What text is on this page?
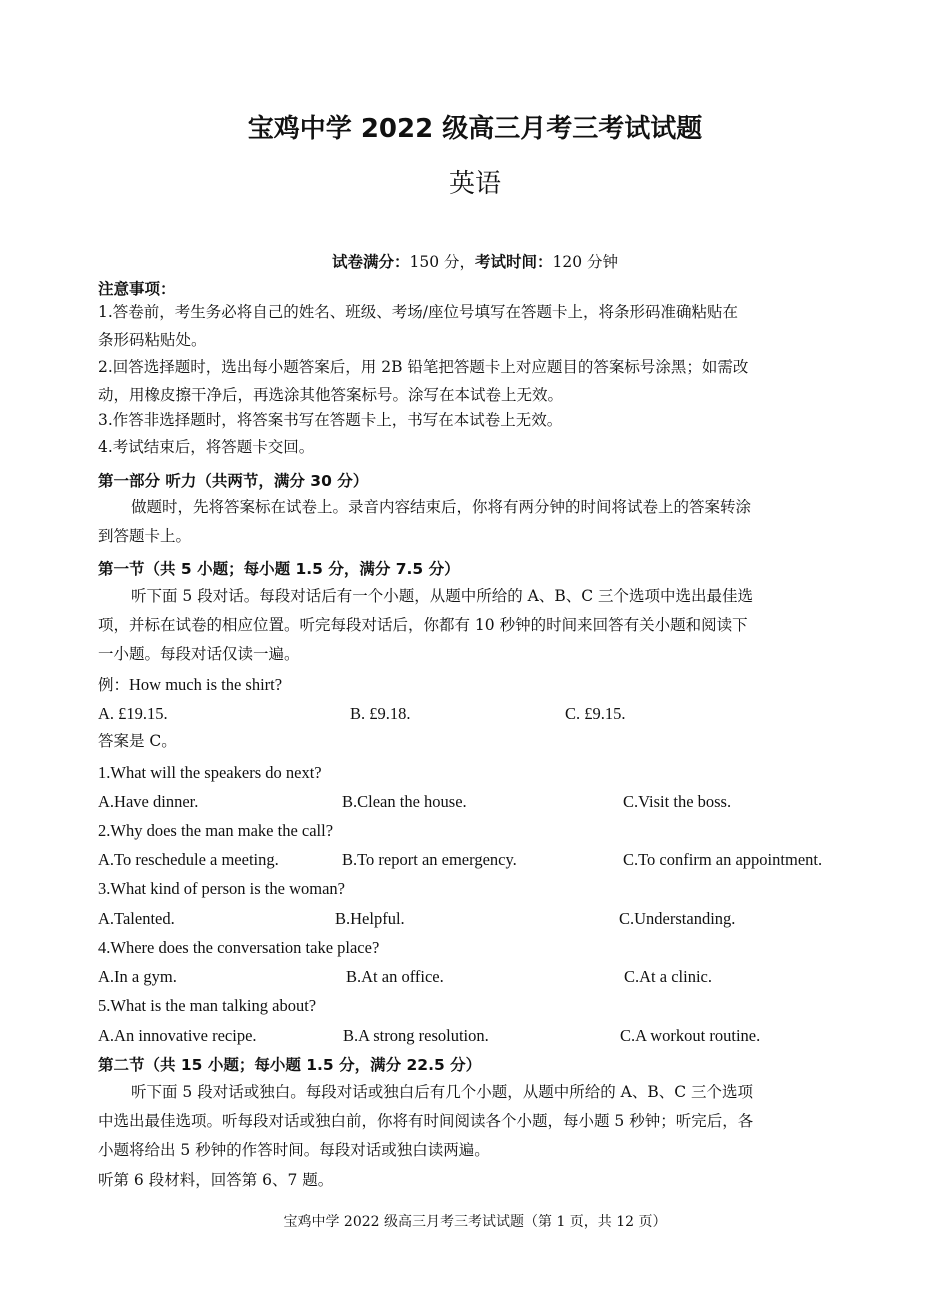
宝鸡中学 2022 级高三月考三考试试题
英语
试卷满分：150 分，考试时间：120 分钟
注意事项：
1.答卷前，考生务必将自己的姓名、班级、考场/座位号填写在答题卡上，将条形码准确粘贴在
条形码粘贴处。
2.回答选择题时，选出每小题答案后，用 2B 铅笔把答题卡上对应题目的答案标号涂黑；如需改
动，用橡皮擦干净后，再选涂其他答案标号。涂写在本试卷上无效。
3.作答非选择题时，将答案书写在答题卡上，书写在本试卷上无效。
4.考试结束后，将答题卡交回。
第一部分 听力（共两节，满分 30 分）
做题时，先将答案标在试卷上。录音内容结束后，你将有两分钟的时间将试卷上的答案转涂
到答题卡上。
第一节（共 5 小题；每小题 1.5 分，满分 7.5 分）
听下面 5 段对话。每段对话后有一个小题，从题中所给的 A、B、C 三个选项中选出最佳选
项，并标在试卷的相应位置。听完每段对话后，你都有 10 秒钟的时间来回答有关小题和阅读下
一小题。每段对话仅读一遍。
例：How much is the shirt?
A. £19.15.	B. £9.18.	C. £9.15.
答案是 C。
1.What will the speakers do next?
A.Have dinner.	B.Clean the house.	C.Visit the boss.
2.Why does the man make the call?
A.To reschedule a meeting.	B.To report an emergency.	C.To confirm an appointment.
3.What kind of person is the woman?
A.Talented.	B.Helpful.	C.Understanding.
4.Where does the conversation take place?
A.In a gym.	B.At an office.	C.At a clinic.
5.What is the man talking about?
A.An innovative recipe.	B.A strong resolution.	C.A workout routine.
第二节（共 15 小题；每小题 1.5 分，满分 22.5 分）
听下面 5 段对话或独白。每段对话或独白后有几个小题，从题中所给的 A、B、C 三个选项
中选出最佳选项。听每段对话或独白前，你将有时间阅读各个小题，每小题 5 秒钟；听完后，各
小题将给出 5 秒钟的作答时间。每段对话或独白读两遍。
听第 6 段材料，回答第 6、7 题。
宝鸡中学 2022 级高三月考三考试试题（第 1 页，共 12 页）
